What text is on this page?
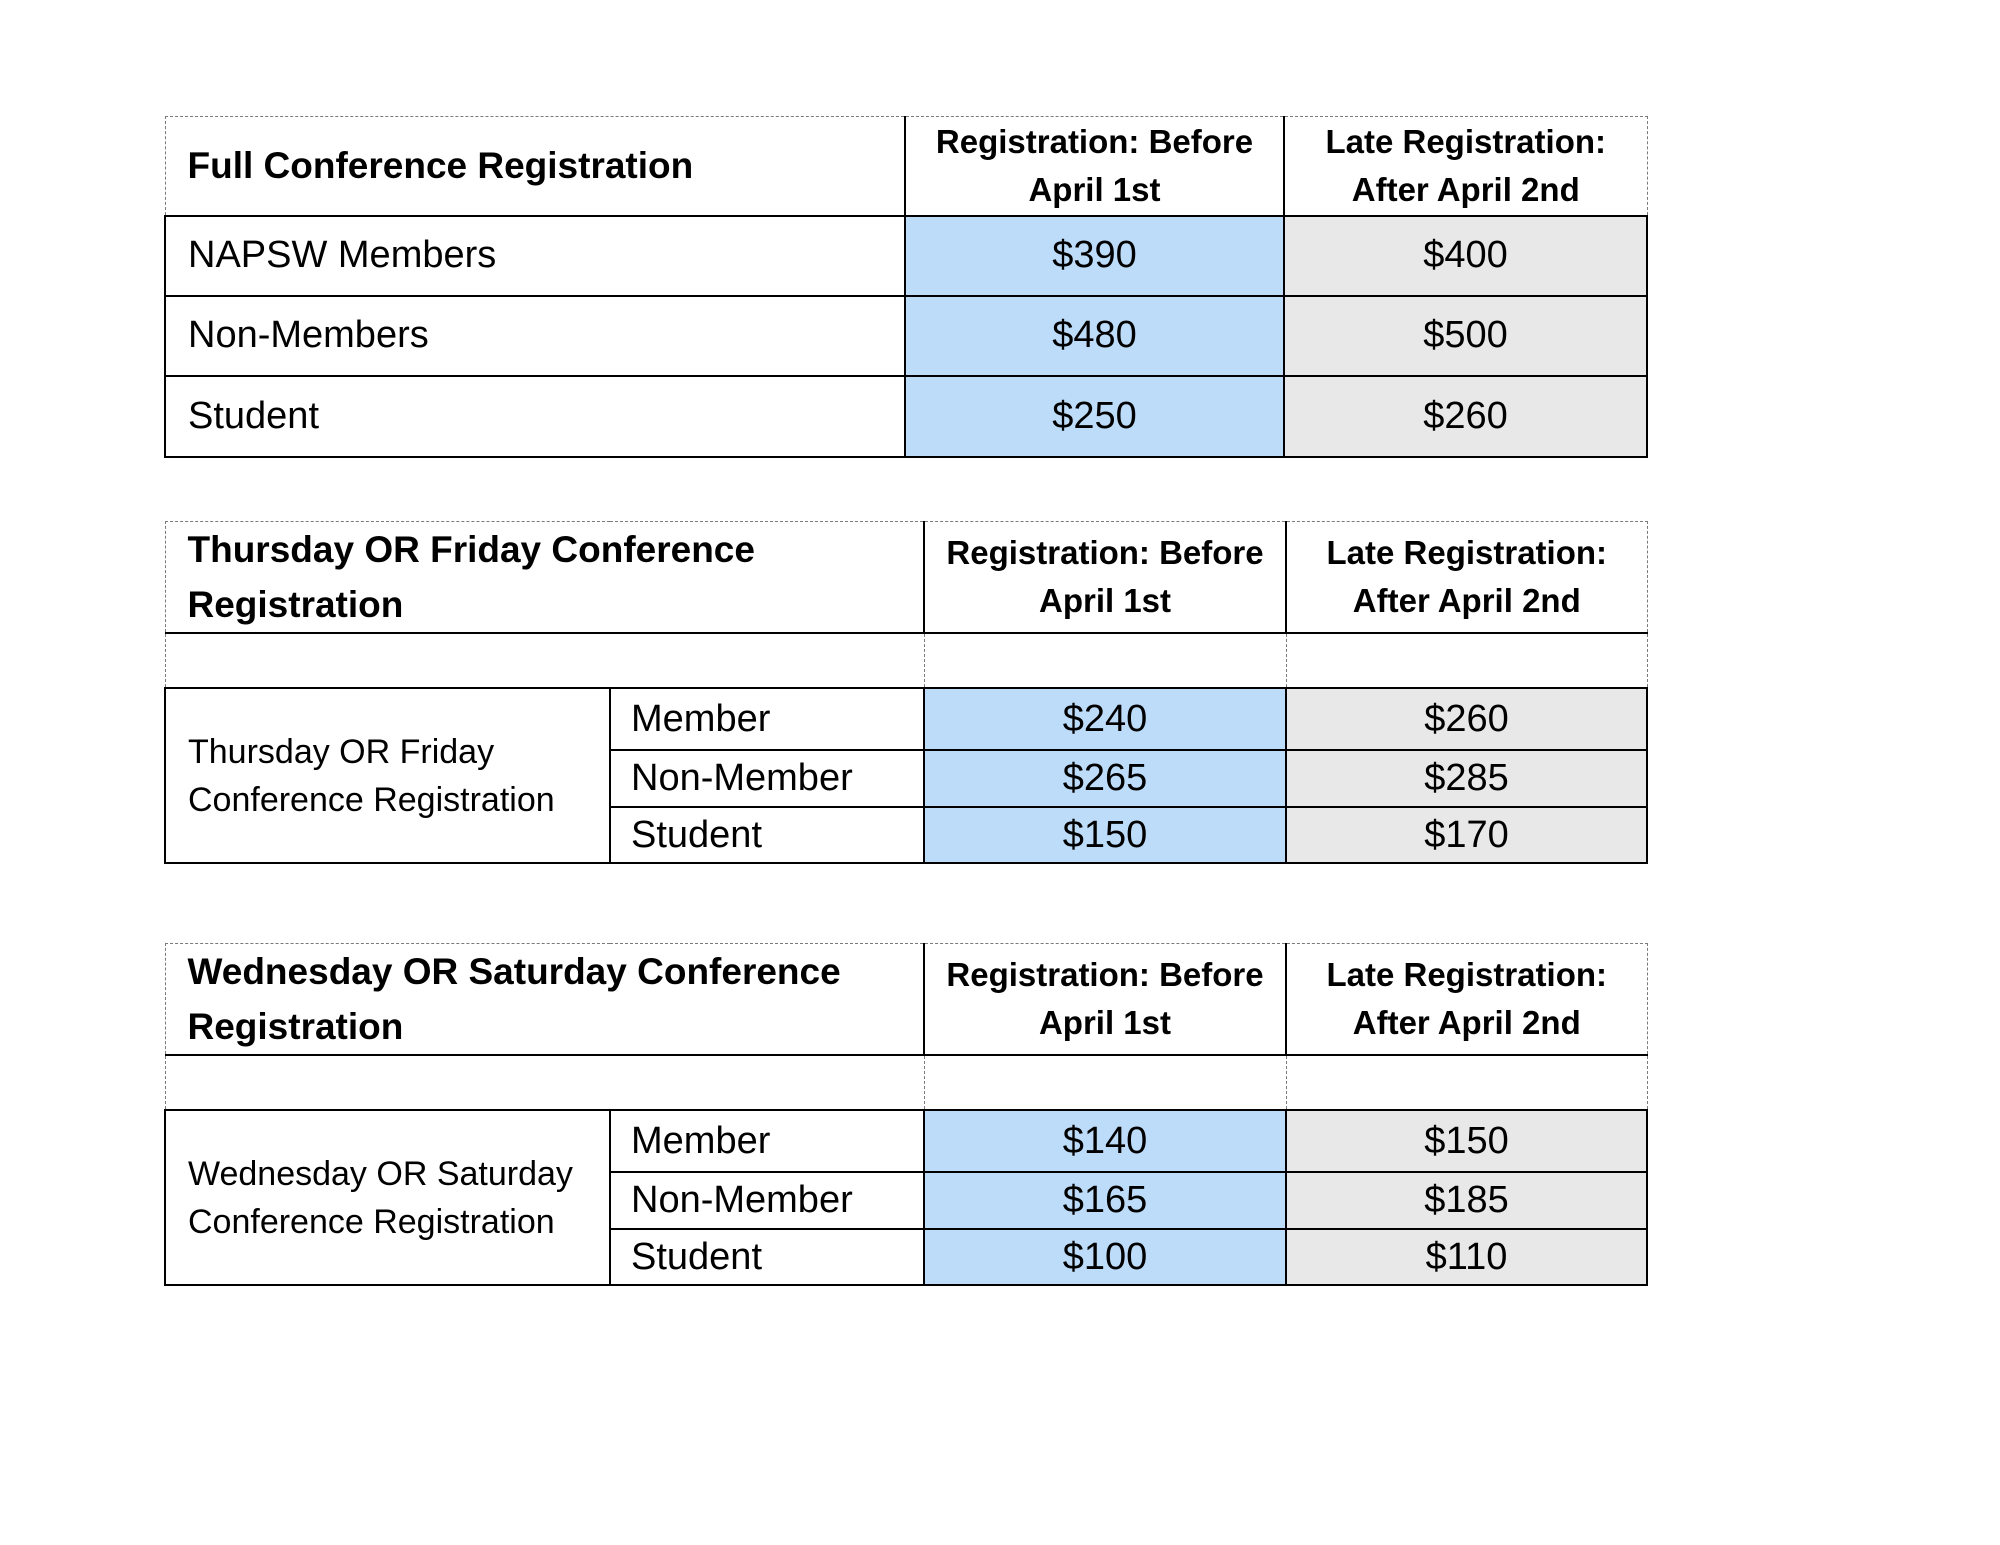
Full Conference Registration	Registration: Before April 1st	Late Registration: After April 2nd
NAPSW Members	$390	$400
Non-Members	$480	$500
Student	$250	$260
Thursday OR Friday Conference Registration		Registration: Before April 1st	Late Registration: After April 2nd

Thursday OR Friday Conference Registration	Member	$240	$260
	Non-Member	$265	$285
	Student	$150	$170
Wednesday OR Saturday Conference Registration		Registration: Before April 1st	Late Registration: After April 2nd

Wednesday OR Saturday Conference Registration	Member	$140	$150
	Non-Member	$165	$185
	Student	$100	$110
